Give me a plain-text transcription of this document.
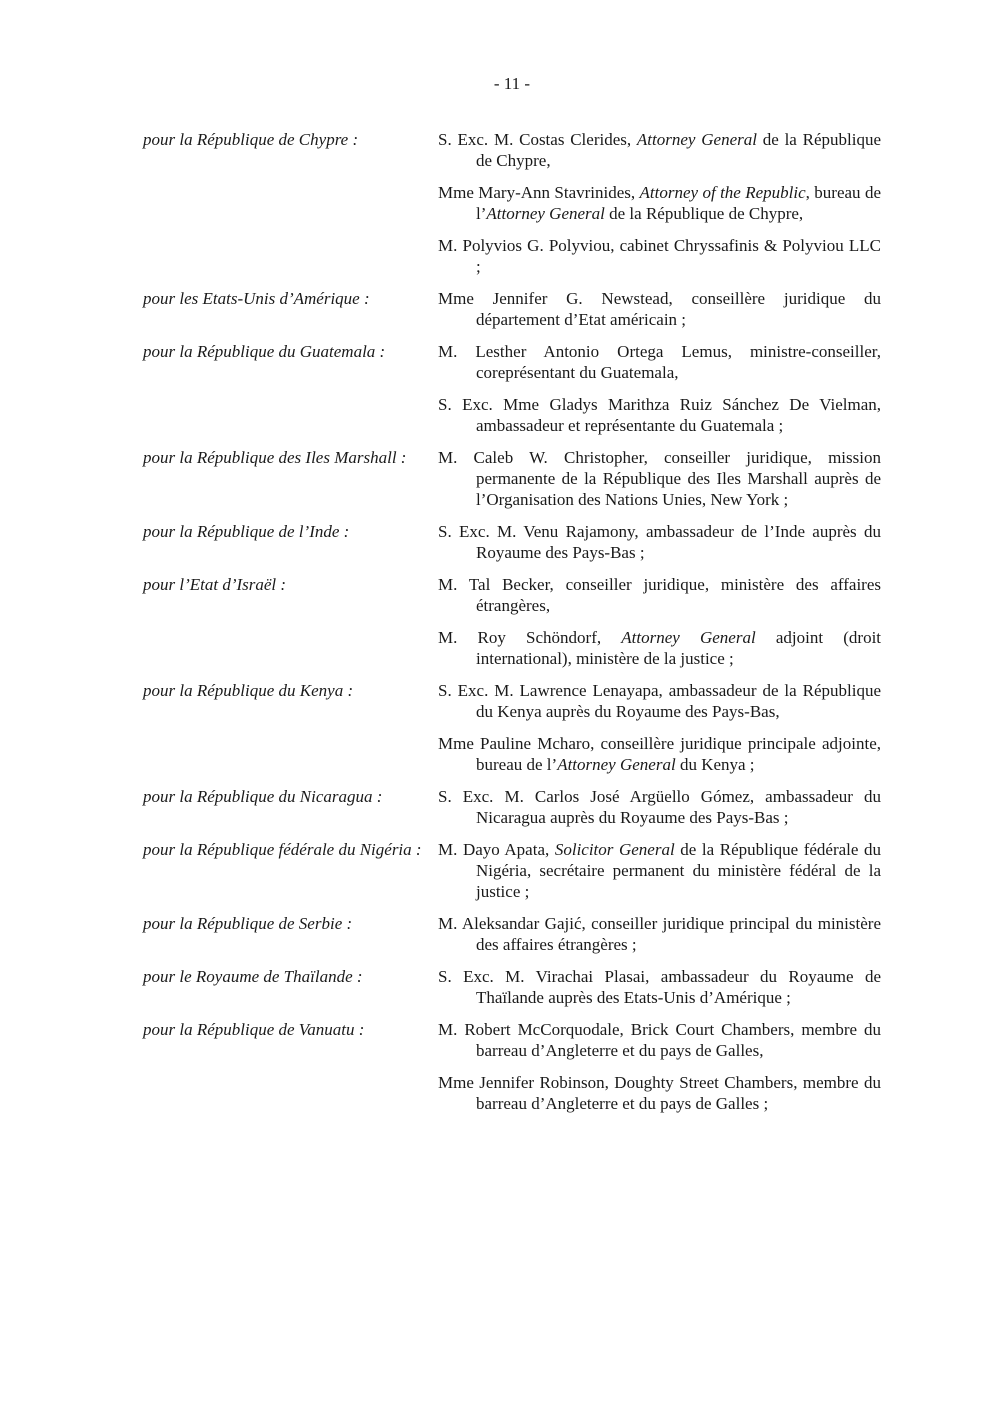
- 11 -
pour la République de Chypre :	S. Exc. M. Costas Clerides, Attorney General de la République de Chypre,
Mme Mary-Ann Stavrinides, Attorney of the Republic, bureau de l’Attorney General de la République de Chypre,
M. Polyvios G. Polyviou, cabinet Chryssafinis & Polyviou LLC ;
pour les Etats-Unis d’Amérique :	Mme Jennifer G. Newstead, conseillère juridique du département d’Etat américain ;
pour la République du Guatemala :	M. Lesther Antonio Ortega Lemus, ministre-conseiller, coreprésentant du Guatemala,
S. Exc. Mme Gladys Marithza Ruiz Sánchez De Vielman, ambassadeur et représentante du Guatemala ;
pour la République des Iles Marshall :	M. Caleb W. Christopher, conseiller juridique, mission permanente de la République des Iles Marshall auprès de l’Organisation des Nations Unies, New York ;
pour la République de l’Inde :	S. Exc. M. Venu Rajamony, ambassadeur de l’Inde auprès du Royaume des Pays-Bas ;
pour l’Etat d’Israël :	M. Tal Becker, conseiller juridique, ministère des affaires étrangères,
M. Roy Schöndorf, Attorney General adjoint (droit international), ministère de la justice ;
pour la République du Kenya :	S. Exc. M. Lawrence Lenayapa, ambassadeur de la République du Kenya auprès du Royaume des Pays-Bas,
Mme Pauline Mcharo, conseillère juridique principale adjointe, bureau de l’Attorney General du Kenya ;
pour la République du Nicaragua :	S. Exc. M. Carlos José Argüello Gómez, ambassadeur du Nicaragua auprès du Royaume des Pays-Bas ;
pour la République fédérale du Nigéria : M. Dayo Apata, Solicitor General de la République fédérale du Nigéria, secrétaire permanent du ministère fédéral de la justice ;
pour la République de Serbie :	M. Aleksandar Gajić, conseiller juridique principal du ministère des affaires étrangères ;
pour le Royaume de Thaïlande :	S. Exc. M. Virachai Plasai, ambassadeur du Royaume de Thaïlande auprès des Etats-Unis d’Amérique ;
pour la République de Vanuatu :	M. Robert McCorquodale, Brick Court Chambers, membre du barreau d’Angleterre et du pays de Galles,
Mme Jennifer Robinson, Doughty Street Chambers, membre du barreau d’Angleterre et du pays de Galles ;
